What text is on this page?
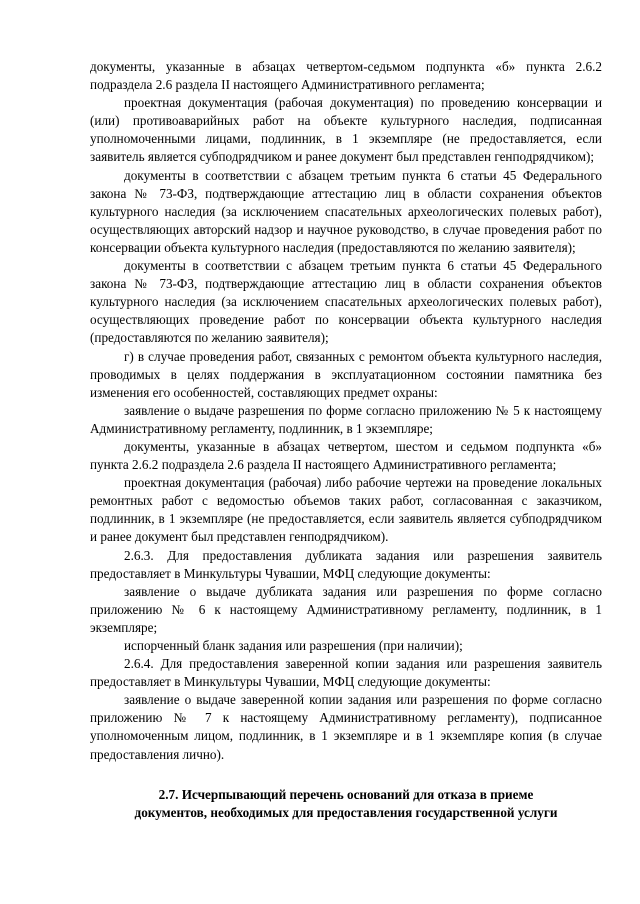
документы, указанные в абзацах четвертом-седьмом подпункта «б» пункта 2.6.2 подраздела 2.6 раздела II настоящего Административного регламента;

проектная документация (рабочая документация) по проведению консервации и (или) противоаварийных работ на объекте культурного наследия, подписанная уполномоченными лицами, подлинник, в 1 экземпляре (не предоставляется, если заявитель является субподрядчиком и ранее документ был представлен генподрядчиком);

документы в соответствии с абзацем третьим пункта 6 статьи 45 Федерального закона № 73-ФЗ, подтверждающие аттестацию лиц в области сохранения объектов культурного наследия (за исключением спасательных археологических полевых работ), осуществляющих авторский надзор и научное руководство, в случае проведения работ по консервации объекта культурного наследия (предоставляются по желанию заявителя);

документы в соответствии с абзацем третьим пункта 6 статьи 45 Федерального закона № 73-ФЗ, подтверждающие аттестацию лиц в области сохранения объектов культурного наследия (за исключением спасательных археологических полевых работ), осуществляющих проведение работ по консервации объекта культурного наследия (предоставляются по желанию заявителя);

г) в случае проведения работ, связанных с ремонтом объекта культурного наследия, проводимых в целях поддержания в эксплуатационном состоянии памятника без изменения его особенностей, составляющих предмет охраны:

заявление о выдаче разрешения по форме согласно приложению № 5 к настоящему Административному регламенту, подлинник, в 1 экземпляре;

документы, указанные в абзацах четвертом, шестом и седьмом подпункта «б» пункта 2.6.2 подраздела 2.6 раздела II настоящего Административного регламента;

проектная документация (рабочая) либо рабочие чертежи на проведение локальных ремонтных работ с ведомостью объемов таких работ, согласованная с заказчиком, подлинник, в 1 экземпляре (не предоставляется, если заявитель является субподрядчиком и ранее документ был представлен генподрядчиком).

2.6.3. Для предоставления дубликата задания или разрешения заявитель предоставляет в Минкультуры Чувашии, МФЦ следующие документы:

заявление о выдаче дубликата задания или разрешения по форме согласно приложению № 6 к настоящему Административному регламенту, подлинник, в 1 экземпляре;

испорченный бланк задания или разрешения (при наличии);

2.6.4. Для предоставления заверенной копии задания или разрешения заявитель предоставляет в Минкультуры Чувашии, МФЦ следующие документы:

заявление о выдаче заверенной копии задания или разрешения по форме согласно приложению № 7 к настоящему Административному регламенту), подписанное уполномоченным лицом, подлинник, в 1 экземпляре и в 1 экземпляре копия (в случае предоставления лично).

2.7. Исчерпывающий перечень оснований для отказа в приеме
документов, необходимых для предоставления государственной услуги
